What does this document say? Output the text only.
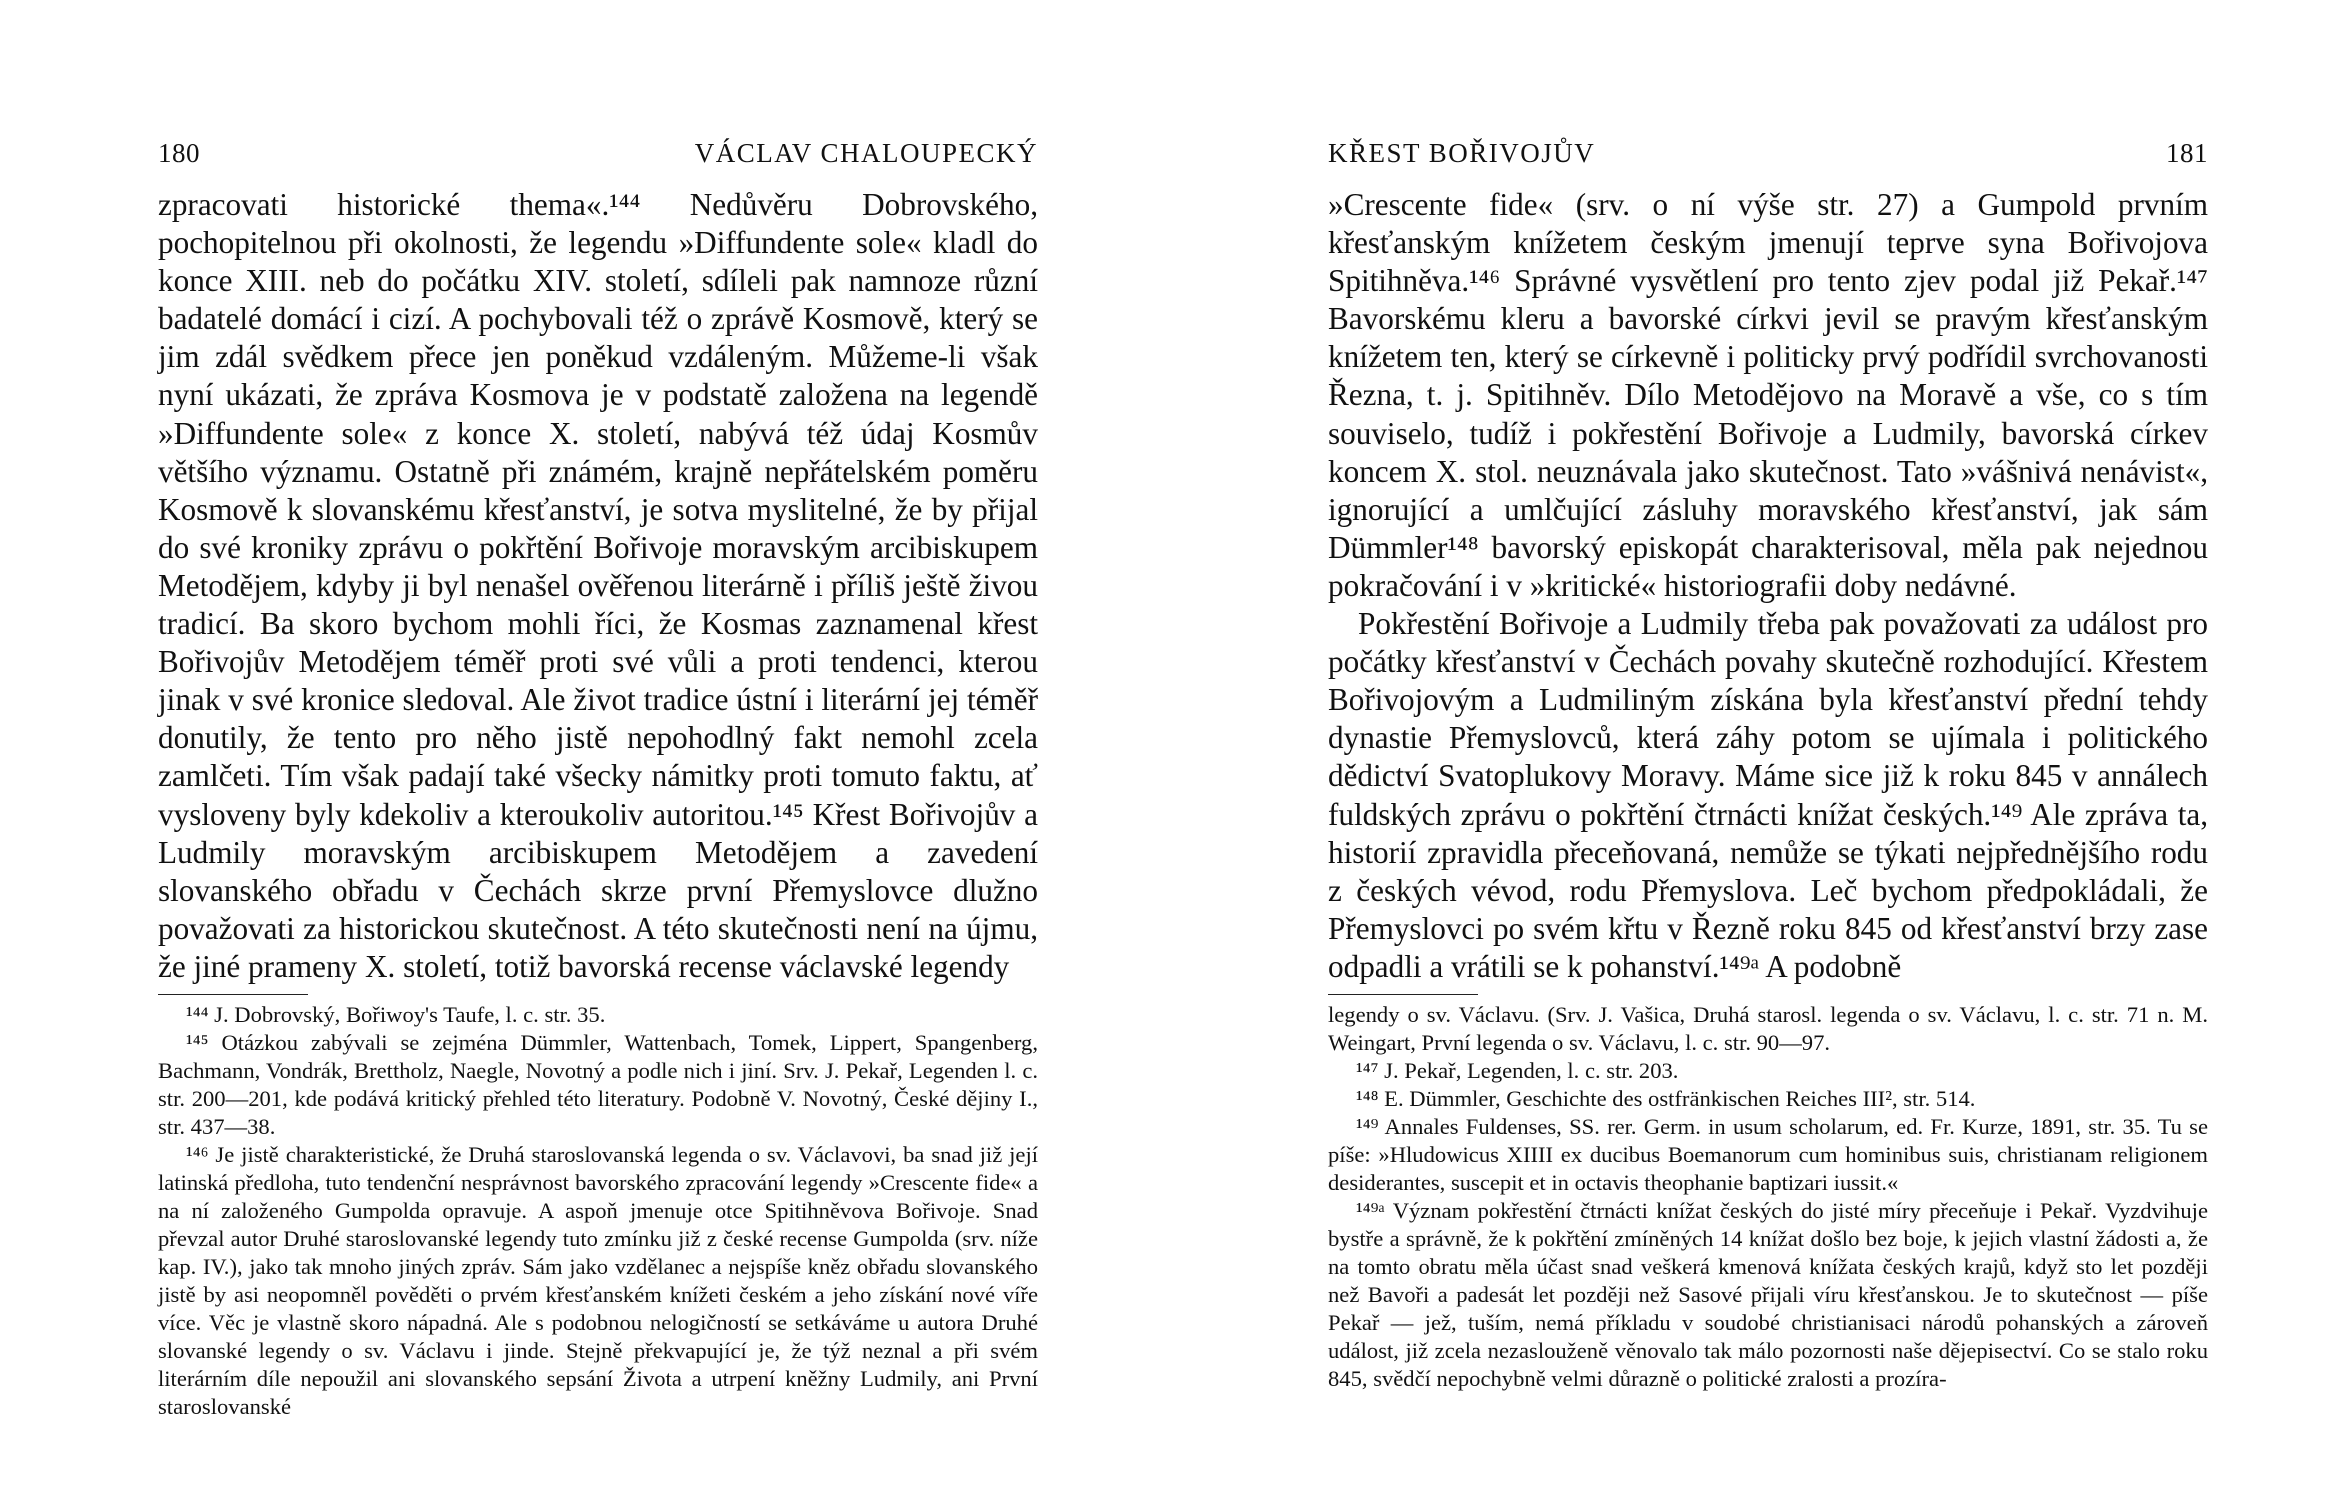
180	VÁCLAV CHALOUPECKÝ

zpracovati historické thema«.¹⁴⁴ Nedůvěru Dobrovského, pochopitelnou při okolnosti, že legendu »Diffundente sole« kladl do konce XIII. neb do počátku XIV. století, sdíleli pak namnoze různí badatelé domácí i cizí. A pochybovali též o zprávě Kosmově, který se jim zdál svědkem přece jen poněkud vzdáleným. Můžeme-li však nyní ukázati, že zpráva Kosmova je v podstatě založena na legendě »Diffundente sole« z konce X. století, nabývá též údaj Kosmův většího významu. Ostatně při známém, krajně nepřátelském poměru Kosmově k slovanskému křesťanství, je sotva myslitelné, že by přijal do své kroniky zprávu o pokřtění Bořivoje moravským arcibiskupem Metodějem, kdyby ji byl nenašel ověřenou literárně i příliš ještě živou tradicí. Ba skoro bychom mohli říci, že Kosmas zaznamenal křest Bořivojův Metodějem téměř proti své vůli a proti tendenci, kterou jinak v své kronice sledoval. Ale život tradice ústní i literární jej téměř donutily, že tento pro něho jistě nepohodlný fakt nemohl zcela zamlčeti. Tím však padají také všecky námitky proti tomuto faktu, ať vysloveny byly kdekoliv a kteroukoliv autoritou.¹⁴⁵ Křest Bořivojův a Ludmily moravským arcibiskupem Metodějem a zavedení slovanského obřadu v Čechách skrze první Přemyslovce dlužno považovati za historickou skutečnost. A této skutečnosti není na újmu, že jiné prameny X. století, totiž bavorská recense václavské legendy

¹⁴⁴ J. Dobrovský, Bořiwoy's Taufe, l. c. str. 35.

¹⁴⁵ Otázkou zabývali se zejména Dümmler, Wattenbach, Tomek, Lippert, Spangenberg, Bachmann, Vondrák, Brettholz, Naegle, Novotný a podle nich i jiní. Srv. J. Pekař, Legenden l. c. str. 200—201, kde podává kritický přehled této literatury. Podobně V. Novotný, České dějiny I., str. 437—38.

¹⁴⁶ Je jistě charakteristické, že Druhá staroslovanská legenda o sv. Václavovi, ba snad již její latinská předloha, tuto tendenční nesprávnost bavorského zpracování legendy »Crescente fide« a na ní založeného Gumpolda opravuje. A aspoň jmenuje otce Spitihněvova Bořivoje. Snad převzal autor Druhé staroslovanské legendy tuto zmínku již z české recense Gumpolda (srv. níže kap. IV.), jako tak mnoho jiných zpráv. Sám jako vzdělanec a nejspíše kněz obřadu slovanského jistě by asi neopomněl pověděti o prvém křesťanském knížeti českém a jeho získání nové víře více. Věc je vlastně skoro nápadná. Ale s podobnou nelogičností se setkáváme u autora Druhé slovanské legendy o sv. Václavu i jinde. Stejně překvapující je, že týž neznal a při svém literárním díle nepoužil ani slovanského sepsání Života a utrpení kněžny Ludmily, ani První staroslovanské

KŘEST BOŘIVOJŮV	181

»Crescente fide« (srv. o ní výše str. 27) a Gumpold prvním křesťanským knížetem českým jmenují teprve syna Bořivojova Spitihněva.¹⁴⁶ Správné vysvětlení pro tento zjev podal již Pekař.¹⁴⁷ Bavorskému kleru a bavorské církvi jevil se pravým křesťanským knížetem ten, který se církevně i politicky prvý podřídil svrchovanosti Řezna, t. j. Spitihněv. Dílo Metodějovo na Moravě a vše, co s tím souviselo, tudíž i pokřestění Bořivoje a Ludmily, bavorská církev koncem X. stol. neuznávala jako skutečnost. Tato »vášnivá nenávist«, ignorující a umlčující zásluhy moravského křesťanství, jak sám Dümmler¹⁴⁸ bavorský episkopát charakterisoval, měla pak nejednou pokračování i v »kritické« historiografii doby nedávné.

Pokřestění Bořivoje a Ludmily třeba pak považovati za událost pro počátky křesťanství v Čechách povahy skutečně rozhodující. Křestem Bořivojovým a Ludmiliným získána byla křesťanství přední tehdy dynastie Přemyslovců, která záhy potom se ujímala i politického dědictví Svatoplukovy Moravy. Máme sice již k roku 845 v annálech fuldských zprávu o pokřtění čtrnácti knížat českých.¹⁴⁹ Ale zpráva ta, historií zpravidla přeceňovaná, nemůže se týkati nejpřednějšího rodu z českých vévod, rodu Přemyslova. Leč bychom předpokládali, že Přemyslovci po svém křtu v Řezně roku 845 od křesťanství brzy zase odpadli a vrátili se k pohanství.¹⁴⁹ᵃ A podobně

legendy o sv. Václavu. (Srv. J. Vašica, Druhá starosl. legenda o sv. Václavu, l. c. str. 71 n. M. Weingart, První legenda o sv. Václavu, l. c. str. 90—97.

¹⁴⁷ J. Pekař, Legenden, l. c. str. 203.

¹⁴⁸ E. Dümmler, Geschichte des ostfränkischen Reiches III², str. 514.

¹⁴⁹ Annales Fuldenses, SS. rer. Germ. in usum scholarum, ed. Fr. Kurze, 1891, str. 35. Tu se píše: »Hludowicus XIIII ex ducibus Boemanorum cum hominibus suis, christianam religionem desiderantes, suscepit et in octavis theophanie baptizari iussit.«

¹⁴⁹ᵃ Význam pokřestění čtrnácti knížat českých do jisté míry přeceňuje i Pekař. Vyzdvihuje bystře a správně, že k pokřtění zmíněných 14 knížat došlo bez boje, k jejich vlastní žádosti a, že na tomto obratu měla účast snad veškerá kmenová knížata českých krajů, když sto let později než Bavoři a padesát let později než Sasové přijali víru křesťanskou. Je to skutečnost — píše Pekař — jež, tuším, nemá příkladu v soudobé christianisaci národů pohanských a zároveň událost, již zcela nezaslouženě věnovalo tak málo pozornosti naše dějepisectví. Co se stalo roku 845, svědčí nepochybně velmi důrazně o politické zralosti a prozíra-
